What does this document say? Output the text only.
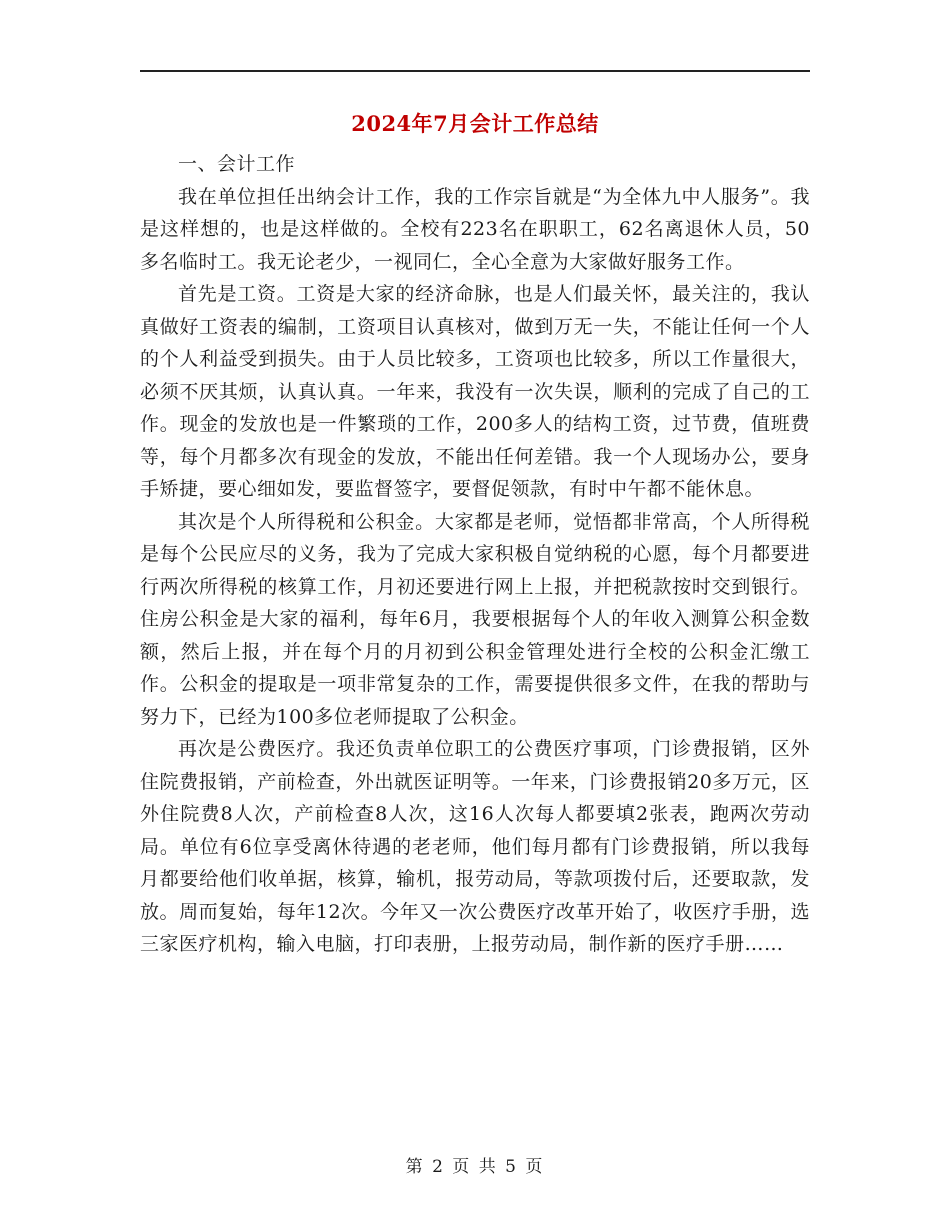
2024年7月会计工作总结

一、会计工作

我在单位担任出纳会计工作，我的工作宗旨就是“为全体九中人服务”。我是这样想的，也是这样做的。全校有223名在职职工，62名离退休人员，50多名临时工。我无论老少，一视同仁，全心全意为大家做好服务工作。

首先是工资。工资是大家的经济命脉，也是人们最关怀，最关注的，我认真做好工资表的编制，工资项目认真核对，做到万无一失，不能让任何一个人的个人利益受到损失。由于人员比较多，工资项也比较多，所以工作量很大，必须不厌其烦，认真认真。一年来，我没有一次失误，顺利的完成了自己的工作。现金的发放也是一件繁琐的工作，200多人的结构工资，过节费，值班费等，每个月都多次有现金的发放，不能出任何差错。我一个人现场办公，要身手矫捷，要心细如发，要监督签字，要督促领款，有时中午都不能休息。

其次是个人所得税和公积金。大家都是老师，觉悟都非常高，个人所得税是每个公民应尽的义务，我为了完成大家积极自觉纳税的心愿，每个月都要进行两次所得税的核算工作，月初还要进行网上上报，并把税款按时交到银行。住房公积金是大家的福利，每年6月，我要根据每个人的年收入测算公积金数额，然后上报，并在每个月的月初到公积金管理处进行全校的公积金汇缴工作。公积金的提取是一项非常复杂的工作，需要提供很多文件，在我的帮助与努力下，已经为100多位老师提取了公积金。

再次是公费医疗。我还负责单位职工的公费医疗事项，门诊费报销，区外住院费报销，产前检查，外出就医证明等。一年来，门诊费报销20多万元，区外住院费8人次，产前检查8人次，这16人次每人都要填2张表，跑两次劳动局。单位有6位享受离休待遇的老老师，他们每月都有门诊费报销，所以我每月都要给他们收单据，核算，输机，报劳动局，等款项拨付后，还要取款，发放。周而复始，每年12次。今年又一次公费医疗改革开始了，收医疗手册，选三家医疗机构，输入电脑，打印表册，上报劳动局，制作新的医疗手册……

第 2 页 共 5 页
